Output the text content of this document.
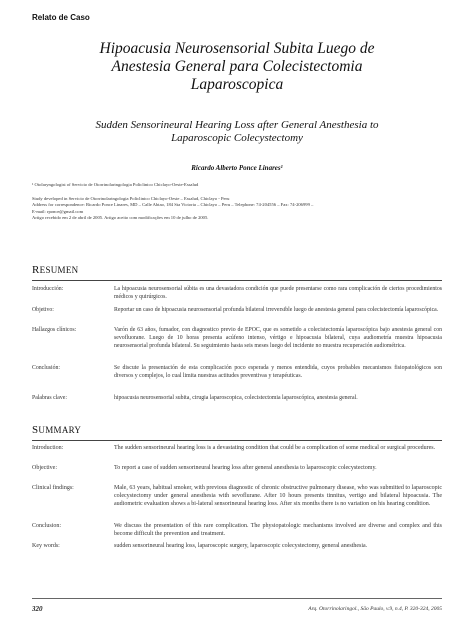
Relato de Caso
Hipoacusia Neurosensorial Subita Luego de
Anestesia General para Colecistectomia
Laparoscopica
Sudden Sensorineural Hearing Loss after General Anesthesia to
Laparoscopic Colecystectomy
Ricardo Alberto Ponce Linares¹
¹ Otolaryngologist of Servicio de Otorrinolaringologia Policlinico Chiclayo-Oeste-Essalud
Study developed in Servicio de Otorrinolaringologia Policlinico Chiclayo-Oeste – Essalud, Chiclayo - Peru
Address for correspondence: Ricardo Ponce Linares, MD – Calle Abtao, 184 Sta Victoria – Chiclayo – Peru – Telephone: 74-204556 – Fax: 74-206999 –
E-mail: rponce@gmail.com
Artigo recebido em 2 de abril de 2005. Artigo aceito com modificações em 10 de julho de 2005.
RESUMEN
Introducción:	La hipoacusia neurosensorial súbita es una devastadora condición que puede presentarse como rara complicación de ciertos procedimientos médicos y quirúrgicos.
Objetivo:	Reportar un caso de hipoacusia neurosensorial profunda bilateral irreversible luego de anestesia general para colecistectomía laparoscópica.
Hallazgos clínicos:	Varón de 63 años, fumador, con diagnostico previo de EPOC, que es sometido a colecistectomía laparoscópica bajo anestesia general con sevofluorane. Luego de 10 horas presenta acúfeno intenso, vértigo e hipoacusia bilateral, cuya audiometría muestra hipoacusia neurosensorial profunda bilateral. Su seguimiento hasta seis meses luego del incidente no muestra recuperación audiométrica.
Conclusión:	Se discute la presentación de esta complicación poco esperada y menos entendida, cuyos probables mecanismos fisiopatológicos son diversos y complejos, lo cual limita nuestras actitudes preventivas y terapéuticas.
Palabras clave:	hipoacusia neurosensorial subita, cirugia laparoscopica, colecistectomia laparoscópica, anestesia general.
SUMMARY
Introduction:	The sudden sensorineural hearing loss is a devastating condition that could be a complication of some medical or surgical procedures.
Objective:	To report a case of sudden sensorineural hearing loss after general anesthesia to laparoscopic colecystectomy.
Clinical findings:	Male, 63 years, habitual smoker, with previous diagnostic of chronic obstructive pulmonary disease, who was submitted to laparoscopic colecystectomy under general anesthesia with sevoflurane. After 10 hours presents tinnitus, vertigo and bilateral hipoacusia. The audiometric evaluation shows a bi-lateral sensorineural hearing loss. After six months there is no variation on his hearing condition.
Conclusion:	We discuss the presentation of this rare complication. The physiopatologic mechanisms involved are diverse and complex and this become difficult the prevention and treatment.
Key words:	sudden sensorineural hearing loss, laparoscopic surgery, laparoscopic colecystectomy, general anesthesia.
320	Arq. Otorrinolaringol., São Paulo, v.9, n.4, P. 320-324, 2005
